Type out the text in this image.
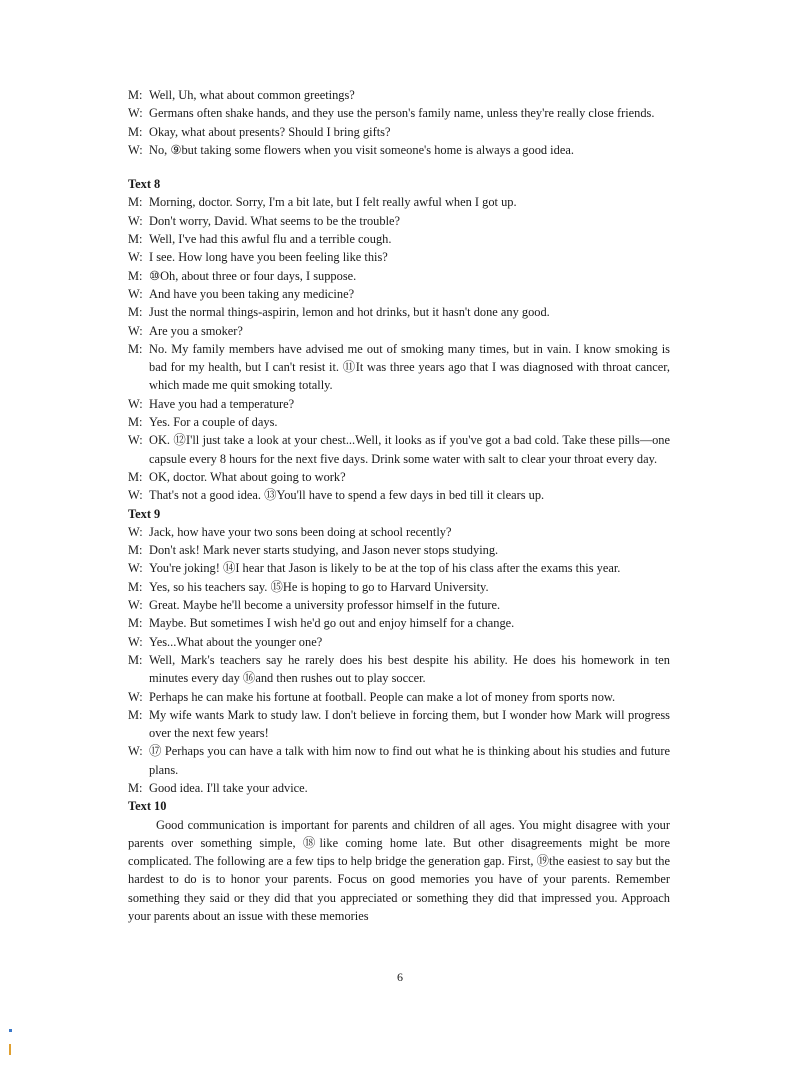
M: Well, Uh, what about common greetings?
W: Germans often shake hands, and they use the person's family name, unless they're really close friends.
M: Okay, what about presents? Should I bring gifts?
W: No, ⑨but taking some flowers when you visit someone's home is always a good idea.
Text 8
M: Morning, doctor. Sorry, I'm a bit late, but I felt really awful when I got up.
W: Don't worry, David. What seems to be the trouble?
M: Well, I've had this awful flu and a terrible cough.
W: I see. How long have you been feeling like this?
M: ⑩Oh, about three or four days, I suppose.
W: And have you been taking any medicine?
M: Just the normal things-aspirin, lemon and hot drinks, but it hasn't done any good.
W: Are you a smoker?
M: No. My family members have advised me out of smoking many times, but in vain. I know smoking is bad for my health, but I can't resist it. ⑪It was three years ago that I was diagnosed with throat cancer, which made me quit smoking totally.
W: Have you had a temperature?
M: Yes. For a couple of days.
W: OK. ⑫I'll just take a look at your chest...Well, it looks as if you've got a bad cold. Take these pills—one capsule every 8 hours for the next five days. Drink some water with salt to clear your throat every day.
M: OK, doctor. What about going to work?
W: That's not a good idea. ⑬You'll have to spend a few days in bed till it clears up.
Text 9
W: Jack, how have your two sons been doing at school recently?
M: Don't ask! Mark never starts studying, and Jason never stops studying.
W: You're joking! ⑭I hear that Jason is likely to be at the top of his class after the exams this year.
M: Yes, so his teachers say. ⑮He is hoping to go to Harvard University.
W: Great. Maybe he'll become a university professor himself in the future.
M: Maybe. But sometimes I wish he'd go out and enjoy himself for a change.
W: Yes...What about the younger one?
M: Well, Mark's teachers say he rarely does his best despite his ability. He does his homework in ten minutes every day ⑯and then rushes out to play soccer.
W: Perhaps he can make his fortune at football. People can make a lot of money from sports now.
M: My wife wants Mark to study law. I don't believe in forcing them, but I wonder how Mark will progress over the next few years!
W: ⑰ Perhaps you can have a talk with him now to find out what he is thinking about his studies and future plans.
M: Good idea. I'll take your advice.
Text 10

Good communication is important for parents and children of all ages. You might disagree with your parents over something simple, ⑱like coming home late. But other disagreements might be more complicated. The following are a few tips to help bridge the generation gap. First, ⑲the easiest to say but the hardest to do is to honor your parents. Focus on good memories you have of your parents. Remember something they said or they did that you appreciated or something they did that impressed you. Approach your parents about an issue with these memories

6
